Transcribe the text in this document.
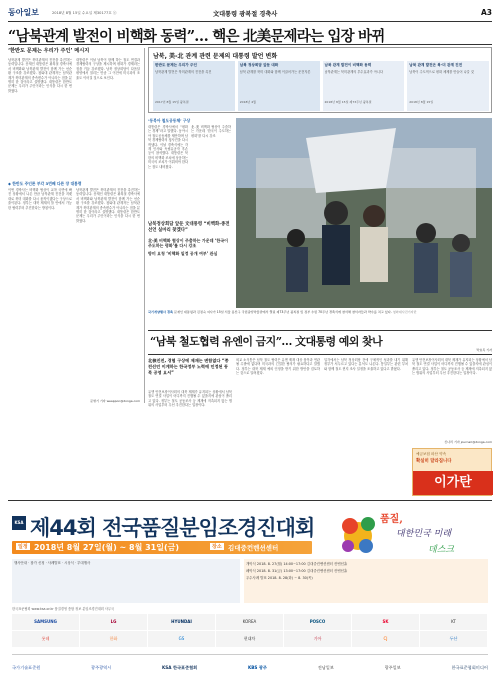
동아일보	2018년 8월 15일 수요일 제30177호 ⓐ	文대통령 광복절 경축사	A3
“남북관계 발전이 비핵화 동력”… 핵은 北美문제라는 입장 바뀌
‘한반도 문제는 우리가 주인’ 메시지
남북관계 발전은 북미관계의 진전을 촉진하는 동력입니다. 문재인 대통령은 광복절 경축사에서 비핵화와 남북관계 발전이 함께 가는 선순환 구조를 강조했다. 청와대 관계자는 남북관계가 북미관계의 종속변수가 아니라는 점을 분명히 한 것이라고 설명했다. 대통령은 한반도 문제는 우리가 주인이라는 인식을 다시 한 번 밝혔다.
대통령은 이날 남북이 함께 하는 철도 연결과 경제협력의 구상을 제시하며 평화가 경제라는 점을 거듭 강조했다. 남북 정상회담이 다음달 평양에서 열리는 만큼 그 이전에 미국과의 조율도 이어질 것으로 보인다.
◆ 한반도 주인론 부각 3번째 다른 장 대통령
이번 경축사는 비핵화 협상이 교착 국면에 빠진 상황에서 나온 만큼 남북관계 진전을 지렛대로 북미 대화를 다시 움직이겠다는 구상으로 풀이된다. 정부는 대북 제재의 틀 안에서 가능한 협력부터 추진한다는 방침이다.
남북관계 발전은 북미관계의 진전을 촉진하는 동력입니다. 문재인 대통령은 광복절 경축사에서 비핵화와 남북관계 발전이 함께 가는 선순환 구조를 강조했다. 청와대 관계자는 남북관계가 북미관계의 종속변수가 아니라는 점을 분명히 한 것이라고 설명했다. 대통령은 한반도 문제는 우리가 주인이라는 인식을 다시 한 번 밝혔다.
문병기 기자 weappon@donga.com
남북, 美-北 관계 관련 문제의 대통령 발언 변화
한반도 문제는 우리가 주인
남북관계 발전은 북미관계의 진전을 촉진
2017년 8월 15일 광복절
남북 정상회담 앞둔 대화
남북 관계를 북미 대화와 함께 이끌어가는 운전자론
2018년 4월
남북 관계 발전이 비핵화 동력
남북관계는 북미관계의 부수효과가 아니다
2018년 8월 15일 제73주년 광복절
남북 관계 발전은 북-미 관계 진전
남북이 주도적으로 평화 체제를 만들어 나갈 것
2018년 8월 15일
‘동북아 철도공동체’ 구상
대통령은 경축사에서 “평화는 경제”라고 말했다. 동아시아 철도공동체를 제안하며 남북 경제협력의 청사진을 다시 꺼냈다. 이날 경축식에는 각계 인사와 독립유공자 후손 등이 참석했다. 대통령은 북한의 비핵화 조치에 상응하는 미국의 조치가 이뤄져야 한다는 점도 내비쳤다.
北-美 비핵화 협상이 주춤하는 가운데 ‘한국이 주도하는 평화’를 다시 강조
남북정상회담 앞둔 文대통령 “비핵화-종전선언 실마리 찾겠다”
北-美 비핵화 협상이 주춤하는 가운데 ‘한국이 주도하는 평화’를 다시 강조
방미 요청 ‘비핵화 일정 공개 여부’ 관심
국기게양행사 경축 문재인 대통령과 김정숙 여사가 15일 서울 용산구 국립중앙박물관에서 열린 제73주년 광복절 및 정부 수립 70주년 경축식에 참석해 참석자들과 박수를 치고 있다. 청와대사진기자단
“남북 철도협력 유엔이 금지”… 文대통령 예외 찾나
박효목 기자
北核진전, 경협 구상에 제재는 변함없다 “종전선언 이게하는 한국정부 노력에 인정된 동북 공영 요서”
유엔 안전보장이사회의 대북 제재가 유지되는 상황에서 남북 철도 연결 사업이 어디까지 진행될 수 있을지에 관심이 쏠리고 있다. 정부는 철도 공동조사 등 제재에 저촉되지 않는 범위의 사업부터 우선 추진한다는 입장이다.
외교 소식통은 남북 철도 협력은 유엔 제재 대상 품목과 연관될 수밖에 없다며 미국과의 긴밀한 협의가 필요하다고 말했다. 정부는 대북 제재 예외 인정을 받기 위한 방안을 검토하는 것으로 알려졌다.
일각에서는 남북 정상회담 전에 구체적인 성과를 내기 위해 정부가 서두르고 있다는 분석도 나온다. 통일부는 관련 부처와 함께 철도 현지 조사 일정을 조율하고 있다고 밝혔다.
유엔 안전보장이사회의 대북 제재가 유지되는 상황에서 남북 철도 연결 사업이 어디까지 진행될 수 있을지에 관심이 쏠리고 있다. 정부는 철도 공동조사 등 제재에 저촉되지 않는 범위의 사업부터 우선 추진한다는 입장이다.
신나리 기자 journari@donga.com
예금보험 파산 약속
확실히 달라집니다
이가탄
KSA 제44회 전국품질분임조경진대회
일정 2018년 8월 27일(월) ~ 8월 31일(금)	장소 김대중컨벤션센터
품질,
대한민국 미래
데스크
행사안내 · 참가 신청 · 사례발표 · 시상식 · 부대행사	개막식 2018. 8. 27(월) 14:00~17:00 김대중컨벤션센터 컨벤션홀
폐막식 2018. 8. 31(금) 13:00~17:00 김대중컨벤션센터 컨벤션홀
우수사례 발표 2018. 8. 28(화) ~ 8. 30(목)
한국표준협회 www.ksa.or.kr 품질경영 종합 정보 분임조경진대회 사무국
SAMSUNG	LG	HYUNDAI	KOREA	POSCO	SK	KT
롯데	한화	GS	현대차	기아	CJ	두산
국가기술표준원	광주광역시	KSA 한국표준협회	KBS 광주	전남일보	광주일보	한국표준협회미디어
